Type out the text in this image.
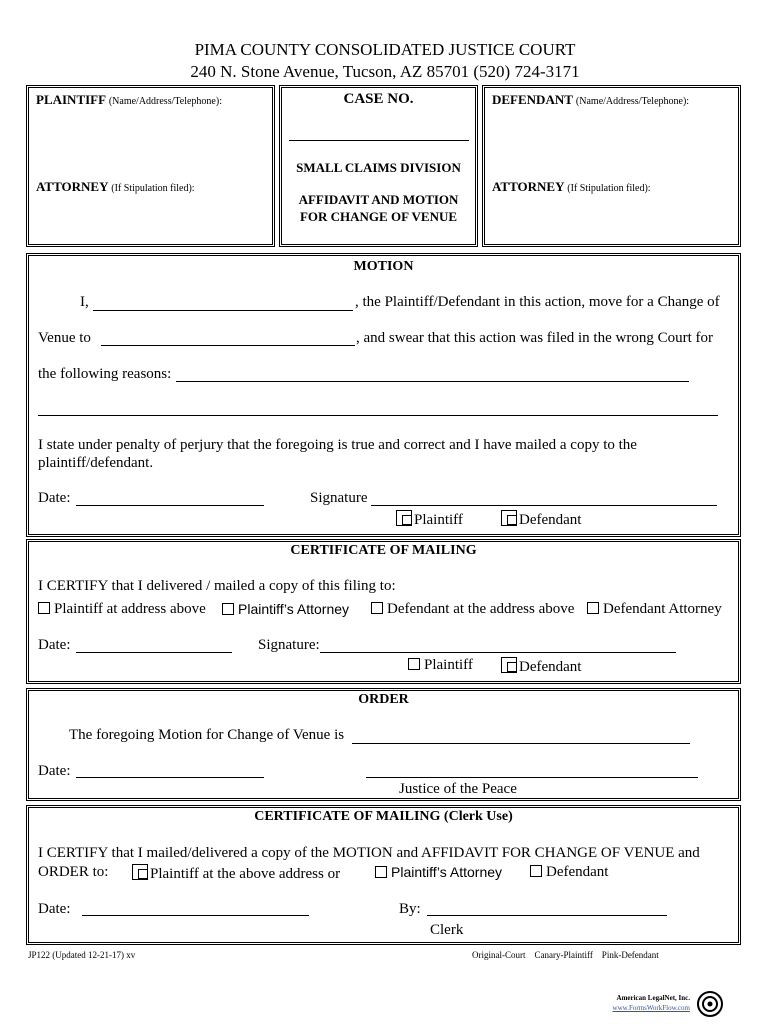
PIMA COUNTY CONSOLIDATED JUSTICE COURT
240 N. Stone Avenue, Tucson, AZ 85701 (520) 724-3171
PLAINTIFF (Name/Address/Telephone):
ATTORNEY (If Stipulation filed):
CASE NO.
SMALL CLAIMS DIVISION
AFFIDAVIT AND MOTION
FOR CHANGE OF VENUE
DEFENDANT (Name/Address/Telephone):
ATTORNEY (If Stipulation filed):
MOTION
I,	, the Plaintiff/Defendant in this action, move for a Change of
Venue to	, and swear that this action was filed in the wrong Court for
the following reasons:
I state under penalty of perjury that the foregoing is true and correct and I have mailed a copy to the
plaintiff/defendant.
Date:	Signature
Plaintiff	Defendant
CERTIFICATE OF MAILING
I CERTIFY that I delivered / mailed a copy of this filing to:
Plaintiff at address above	Plaintiff’s Attorney	Defendant at the address above	Defendant Attorney
Date:	Signature:
Plaintiff	Defendant
ORDER
The foregoing Motion for Change of Venue is
Date:
Justice of the Peace
CERTIFICATE OF MAILING (Clerk Use)
I CERTIFY that I mailed/delivered a copy of the MOTION and AFFIDAVIT FOR CHANGE OF VENUE and
ORDER to:	Plaintiff at the above address or	Plaintiff’s Attorney	Defendant
Date:	By:
Clerk
JP122 (Updated 12-21-17) xv	Original-Court    Canary-Plaintiff    Pink-Defendant
American LegalNet, Inc.
www.FormsWorkFlow.com
